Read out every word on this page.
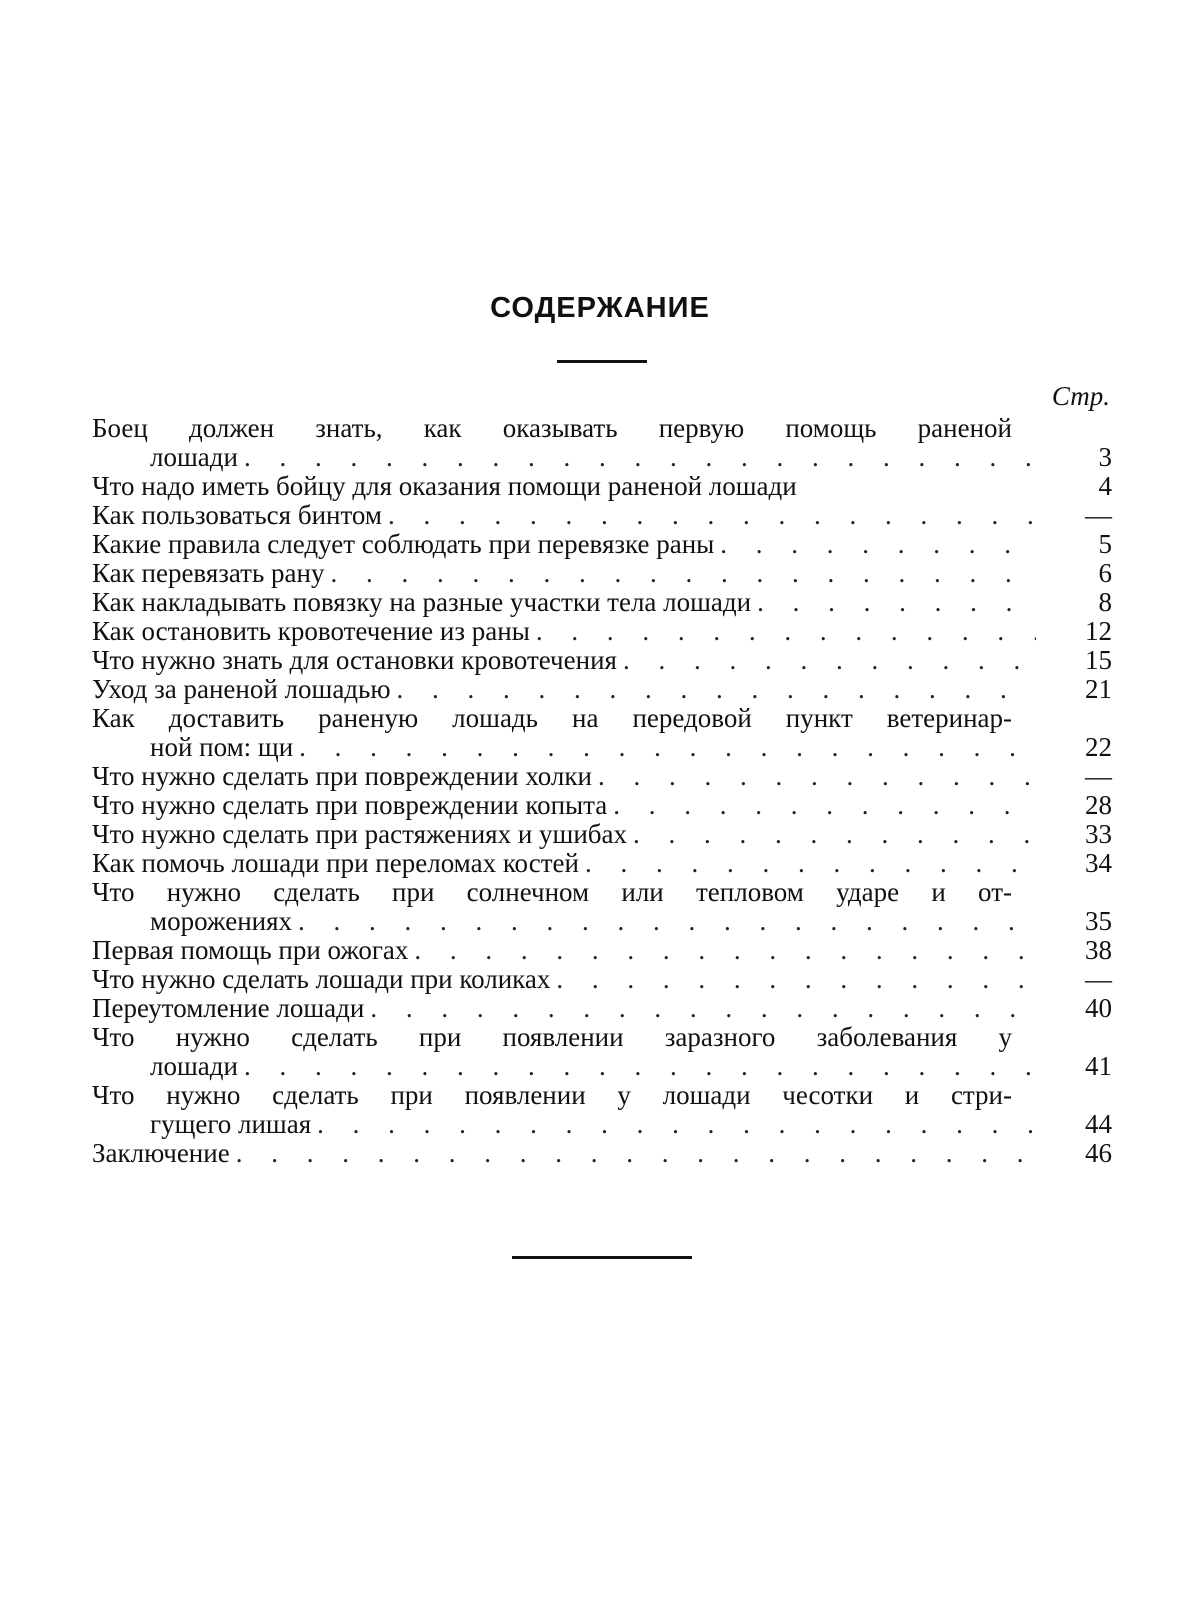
СОДЕРЖАНИЕ
Стр.
Боец должен знать, как оказывать первую помощь раненой
лошади . . .	3
Что надо иметь бойцу для оказания помощи раненой лошади	4
Как пользоваться бинтом . . .	—
Какие правила следует соблюдать при перевязке раны . . .	5
Как перевязать рану . . .	6
Как накладывать повязку на разные участки тела лошади . . .	8
Как остановить кровотечение из раны . . .	12
Что нужно знать для остановки кровотечения . . .	15
Уход за раненой лошадью . . .	21
Как доставить раненую лошадь на передовой пункт ветеринар-
ной пом: щи . . .	22
Что нужно сделать при повреждении холки . . .	—
Что нужно сделать при повреждении копыта . . .	28
Что нужно сделать при растяжениях и ушибах . . .	33
Как помочь лошади при переломах костей . . .	34
Что нужно сделать при солнечном или тепловом ударе и от-
морожениях . . .	35
Первая помощь при ожогах . . .	38
Что нужно сделать лошади при коликах . . .	—
Переутомление лошади . . .	40
Что нужно сделать при появлении заразного заболевания у
лошади . . .	41
Что нужно сделать при появлении у лошади чесотки и стри-
гущего лишая . . .	44
Заключение . . .	46
